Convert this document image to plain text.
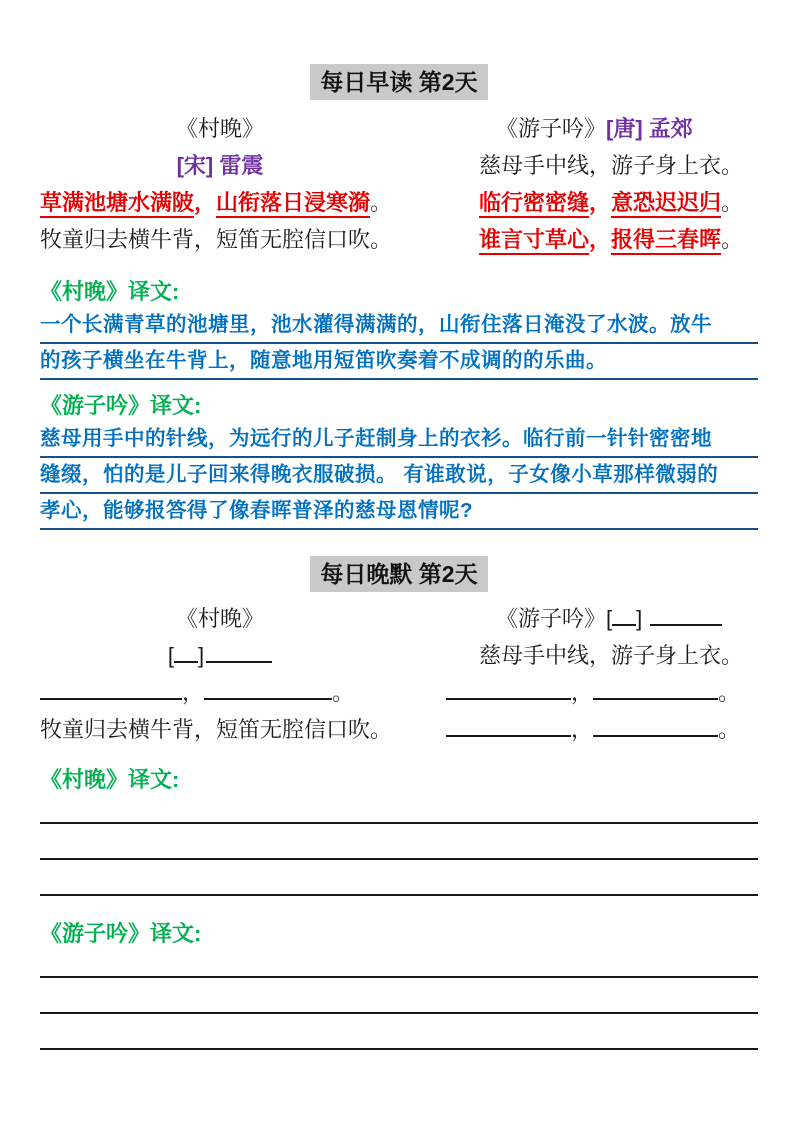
每日早读 第2天
《村晚》
[宋] 雷震
草满池塘水满陂，山衔落日浸寒漪。
牧童归去横牛背，短笛无腔信口吹。
《游子吟》[唐] 孟郊
慈母手中线，游子身上衣。
临行密密缝，意恐迟迟归。
谁言寸草心，报得三春晖。
《村晚》译文:
一个长满青草的池塘里，池水灌得满满的，山衔住落日淹没了水波。放牛
的孩子横坐在牛背上，随意地用短笛吹奏着不成调的的乐曲。
《游子吟》译文:
慈母用手中的针线，为远行的儿子赶制身上的衣衫。临行前一针针密密地
缝缀，怕的是儿子回来得晚衣服破损。 有谁敢说，子女像小草那样微弱的
孝心，能够报答得了像春晖普泽的慈母恩情呢?
每日晚默 第2天
《村晚》
[ ]
，	。
牧童归去横牛背，短笛无腔信口吹。
《游子吟》[ ]
慈母手中线，游子身上衣。
，	。
，	。
《村晚》译文:
《游子吟》译文:
